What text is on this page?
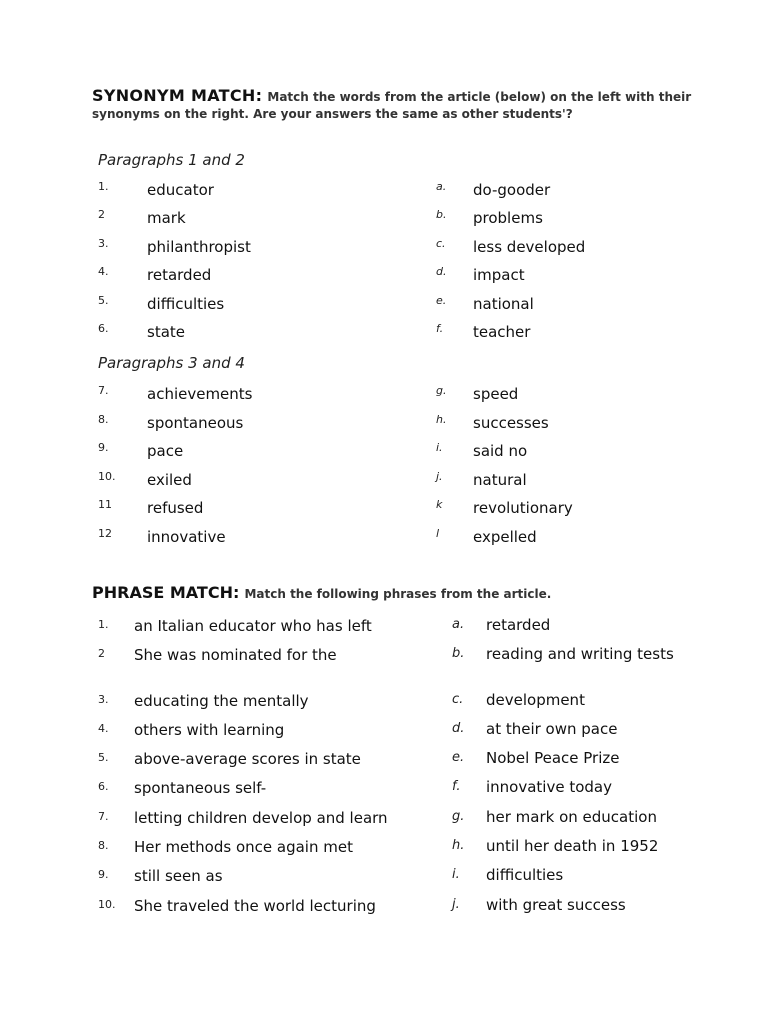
SYNONYM MATCH: Match the words from the article (below) on the left with their synonyms on the right. Are your answers the same as other students'?
Paragraphs 1 and 2
1.	educator	a. do-gooder
2	mark	b. problems
3.	philanthropist	c. less developed
4.	retarded	d. impact
5.	difficulties	e. national
6.	state	f. teacher
Paragraphs 3 and 4
7.	achievements	g. speed
8.	spontaneous	h. successes
9.	pace	i. said no
10. exiled	j. natural
11 refused	k revolutionary
12 innovative	l expelled
PHRASE MATCH: Match the following phrases from the article.
1. an Italian educator who has left	a. retarded
2 She was nominated for the	b. reading and writing tests
3. educating the mentally	c. development
4. others with learning	d. at their own pace
5. above-average scores in state	e. Nobel Peace Prize
6. spontaneous self-	f. innovative today
7. letting children develop and learn	g. her mark on education
8. Her methods once again met	h. until her death in 1952
9. still seen as	i. difficulties
10. She traveled the world lecturing	j. with great success
